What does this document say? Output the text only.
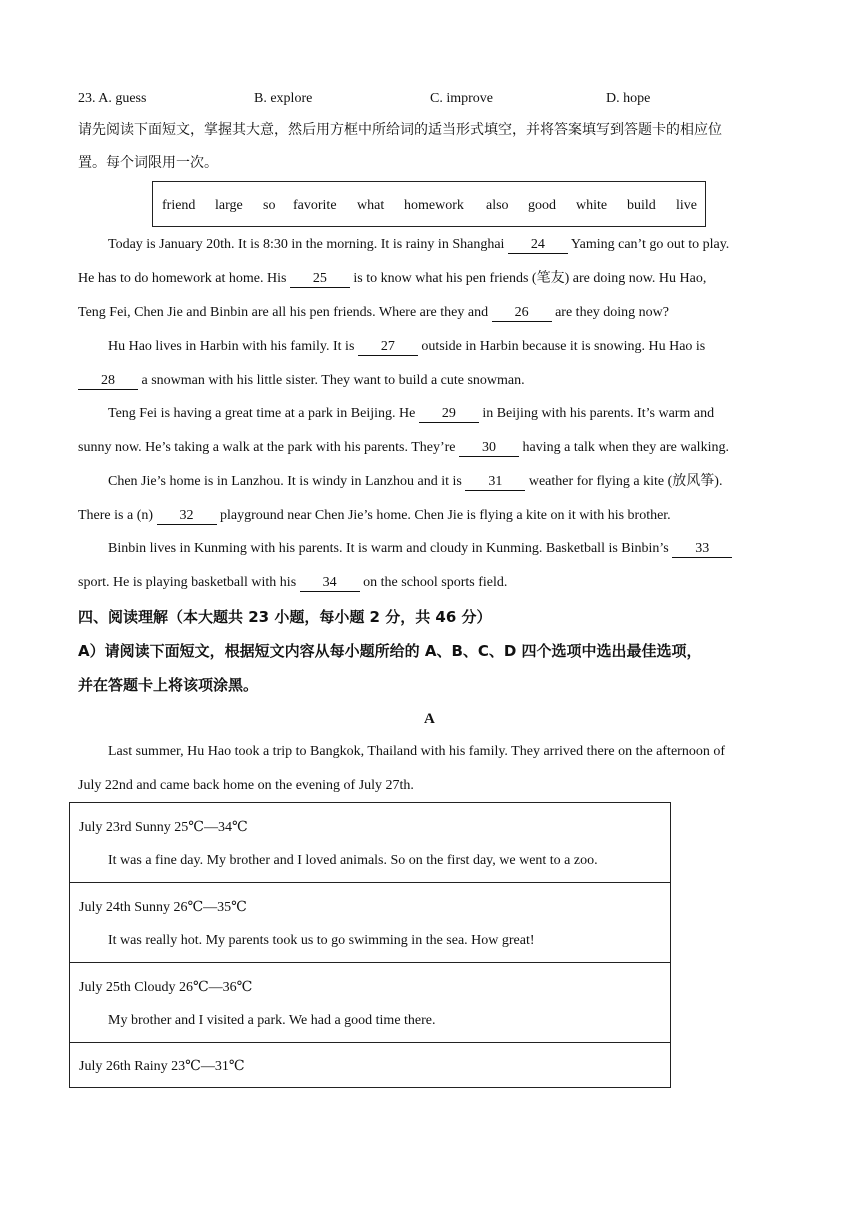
23. A. guess	B. explore	C. improve	D. hope
请先阅读下面短文，掌握其大意，然后用方框中所给词的适当形式填空，并将答案填写到答题卡的相应位
置。每个词限用一次。
friend large so favorite what homework also good white build live
Today is January 20th. It is 8:30 in the morning. It is rainy in Shanghai 24 Yaming can’t go out to play.
He has to do homework at home. His 25 is to know what his pen friends (笔友) are doing now. Hu Hao,
Teng Fei, Chen Jie and Binbin are all his pen friends. Where are they and 26 are they doing now?
Hu Hao lives in Harbin with his family. It is 27 outside in Harbin because it is snowing. Hu Hao is
28 a snowman with his little sister. They want to build a cute snowman.
Teng Fei is having a great time at a park in Beijing. He 29 in Beijing with his parents. It’s warm and
sunny now. He’s taking a walk at the park with his parents. They’re 30 having a talk when they are walking.
Chen Jie’s home is in Lanzhou. It is windy in Lanzhou and it is 31 weather for flying a kite (放风筝).
There is a (n) 32 playground near Chen Jie’s home. Chen Jie is flying a kite on it with his brother.
Binbin lives in Kunming with his parents. It is warm and cloudy in Kunming. Basketball is Binbin’s 33
sport. He is playing basketball with his 34 on the school sports field.
四、阅读理解（本大题共 23 小题，每小题 2 分，共 46 分）
A）请阅读下面短文，根据短文内容从每小题所给的 A、B、C、D 四个选项中选出最佳选项，
并在答题卡上将该项涂黑。
A
Last summer, Hu Hao took a trip to Bangkok, Thailand with his family. They arrived there on the afternoon of
July 22nd and came back home on the evening of July 27th.
July 23rd Sunny 25℃—34℃
It was a fine day. My brother and I loved animals. So on the first day, we went to a zoo.
July 24th Sunny 26℃—35℃
It was really hot. My parents took us to go swimming in the sea. How great!
July 25th Cloudy 26℃—36℃
My brother and I visited a park. We had a good time there.
July 26th Rainy 23℃—31℃
